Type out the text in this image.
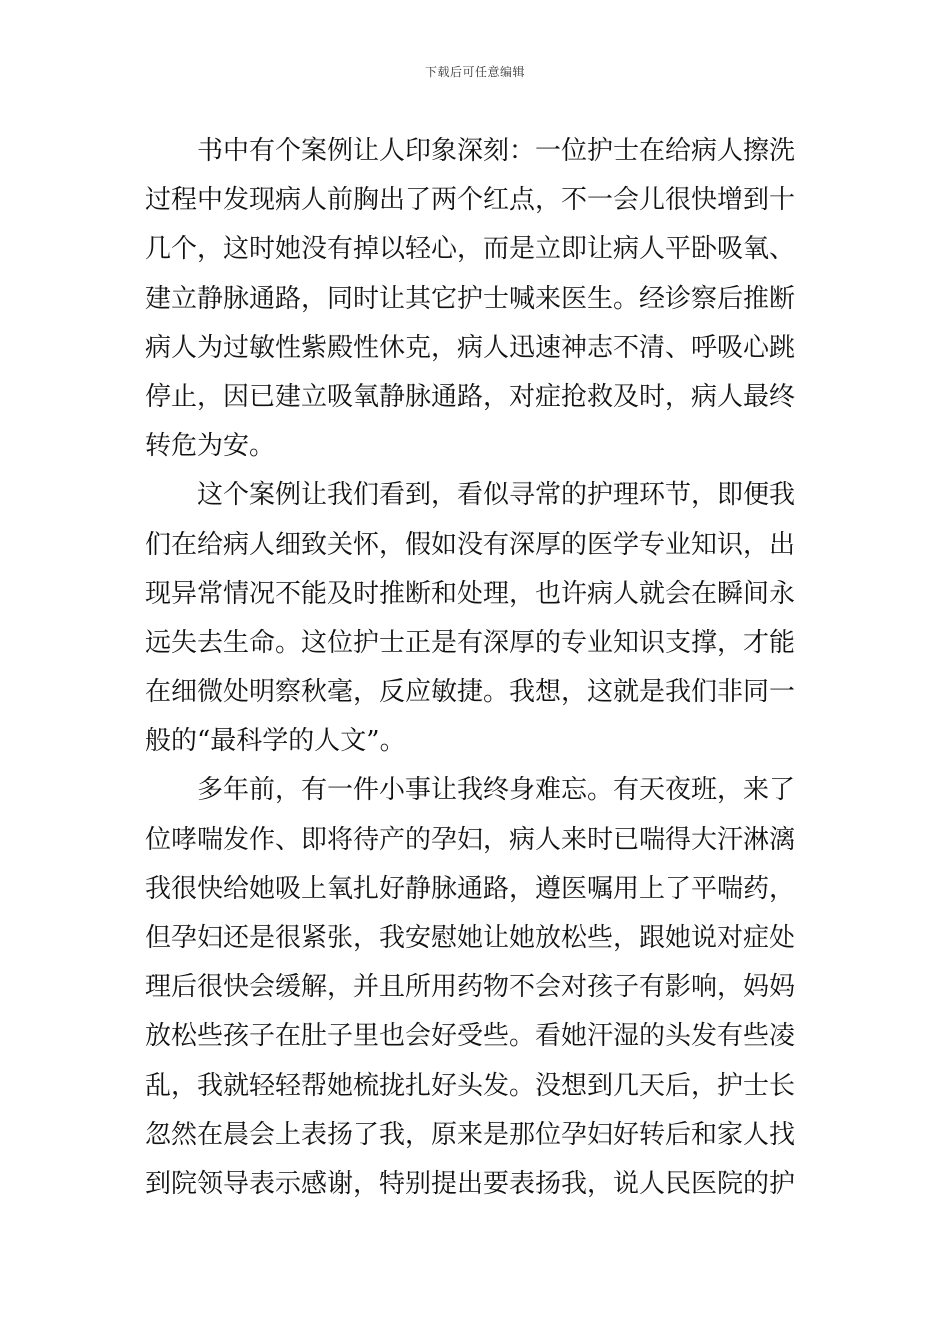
下载后可任意编辑
书中有个案例让人印象深刻：一位护士在给病人擦洗
过程中发现病人前胸出了两个红点，不一会儿很快增到十
几个，这时她没有掉以轻心，而是立即让病人平卧吸氧、
建立静脉通路，同时让其它护士喊来医生。经诊察后推断
病人为过敏性紫殿性休克，病人迅速神志不清、呼吸心跳
停止，因已建立吸氧静脉通路，对症抢救及时，病人最终
转危为安。
这个案例让我们看到，看似寻常的护理环节，即便我
们在给病人细致关怀，假如没有深厚的医学专业知识，出
现异常情况不能及时推断和处理，也许病人就会在瞬间永
远失去生命。这位护士正是有深厚的专业知识支撑，才能
在细微处明察秋毫，反应敏捷。我想，这就是我们非同一
般的“最科学的人文”。
多年前，有一件小事让我终身难忘。有天夜班，来了
位哮喘发作、即将待产的孕妇，病人来时已喘得大汗淋漓
我很快给她吸上氧扎好静脉通路，遵医嘱用上了平喘药，
但孕妇还是很紧张，我安慰她让她放松些，跟她说对症处
理后很快会缓解，并且所用药物不会对孩子有影响，妈妈
放松些孩子在肚子里也会好受些。看她汗湿的头发有些凌
乱，我就轻轻帮她梳拢扎好头发。没想到几天后，护士长
忽然在晨会上表扬了我，原来是那位孕妇好转后和家人找
到院领导表示感谢，特别提出要表扬我，说人民医院的护
